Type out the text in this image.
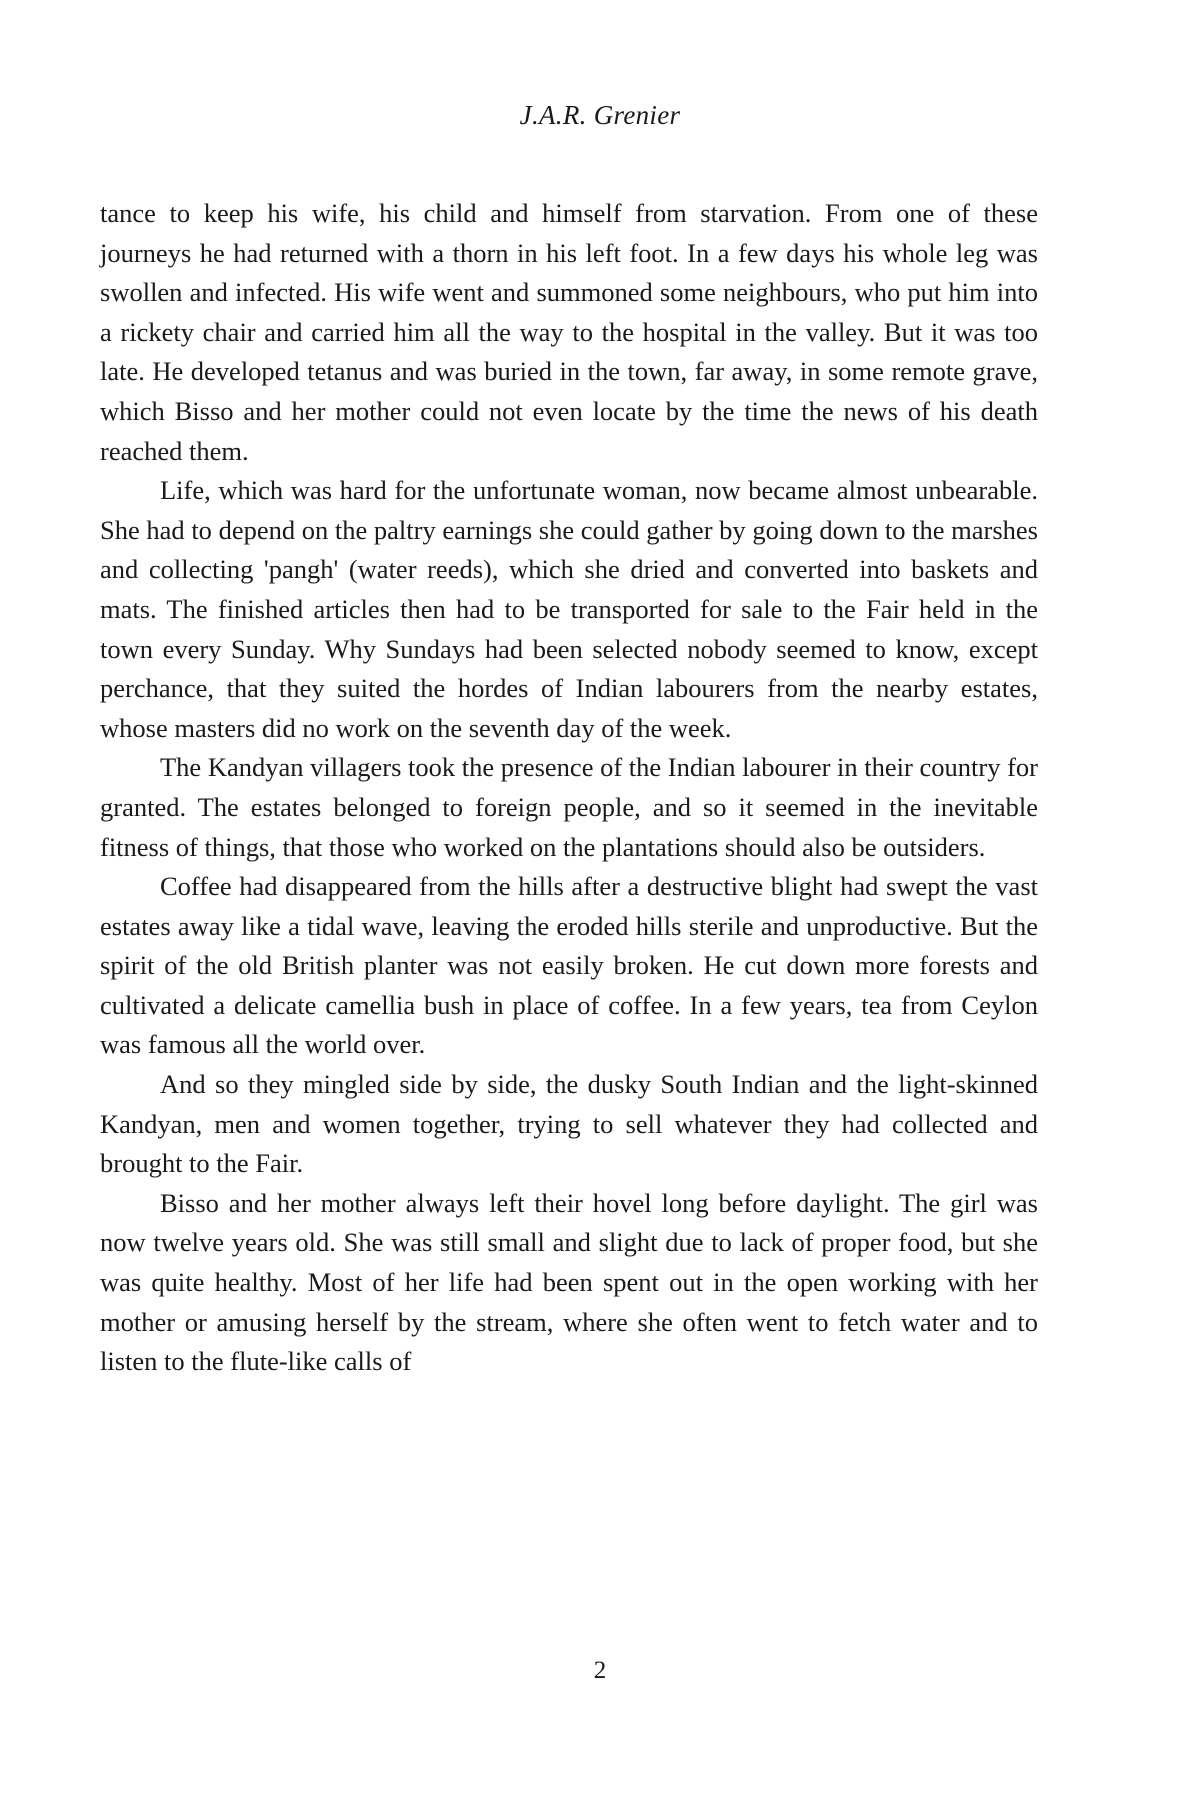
J.A.R. Grenier

tance to keep his wife, his child and himself from starvation. From one of these journeys he had returned with a thorn in his left foot. In a few days his whole leg was swollen and infected. His wife went and summoned some neighbours, who put him into a rickety chair and carried him all the way to the hospital in the valley. But it was too late. He developed tetanus and was buried in the town, far away, in some remote grave, which Bisso and her mother could not even locate by the time the news of his death reached them.

Life, which was hard for the unfortunate woman, now became almost unbearable. She had to depend on the paltry earnings she could gather by going down to the marshes and collecting 'pangh' (water reeds), which she dried and converted into baskets and mats. The finished articles then had to be transported for sale to the Fair held in the town every Sunday. Why Sundays had been selected nobody seemed to know, except perchance, that they suited the hordes of Indian labourers from the nearby estates, whose masters did no work on the seventh day of the week.

The Kandyan villagers took the presence of the Indian labourer in their country for granted. The estates belonged to foreign people, and so it seemed in the inevitable fitness of things, that those who worked on the plantations should also be outsiders.

Coffee had disappeared from the hills after a destructive blight had swept the vast estates away like a tidal wave, leaving the eroded hills sterile and unproductive. But the spirit of the old British planter was not easily broken. He cut down more forests and cultivated a delicate camellia bush in place of coffee. In a few years, tea from Ceylon was famous all the world over.

And so they mingled side by side, the dusky South Indian and the light-skinned Kandyan, men and women together, trying to sell whatever they had collected and brought to the Fair.

Bisso and her mother always left their hovel long before daylight. The girl was now twelve years old. She was still small and slight due to lack of proper food, but she was quite healthy. Most of her life had been spent out in the open working with her mother or amusing herself by the stream, where she often went to fetch water and to listen to the flute-like calls of

2
